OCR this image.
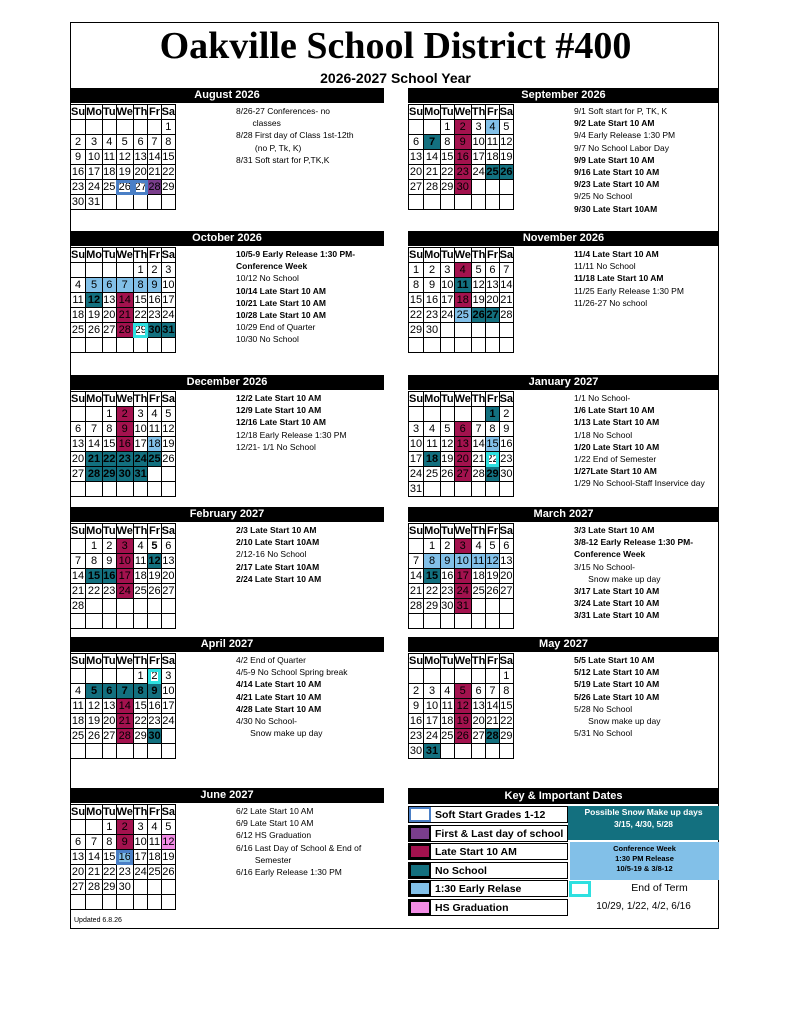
Oakville School District #400
2026-2027 School Year
August 2026
Su	Mo	Tu	We	Th	Fr	Sa
						1
2	3	4	5	6	7	8
9	10	11	12	13	14	15
16	17	18	19	20	21	22
23	24	25	26	27	28	29
30	31					
8/26-27 Conferences- no
classes
8/28 First day of Class 1st-12th
(no P, Tk, K)
8/31 Soft start for P,TK,K
September 2026
Su	Mo	Tu	We	Th	Fr	Sa
		1	2	3	4	5
6	7	8	9	10	11	12
13	14	15	16	17	18	19
20	21	22	23	24	25	26
27	28	29	30			

9/1 Soft start for P, TK, K
9/2 Late Start 10 AM
9/4 Early Release 1:30 PM
9/7 No School Labor Day
9/9 Late Start 10 AM
9/16 Late Start 10 AM
9/23 Late Start 10 AM
9/25 No School
9/30 Late Start 10AM
October 2026
Su	Mo	Tu	We	Th	Fr	Sa
				1	2	3
4	5	6	7	8	9	10
11	12	13	14	15	16	17
18	19	20	21	22	23	24
25	26	27	28	29	30	31

10/5-9 Early Release 1:30 PM-
Conference Week
10/12 No School
10/14 Late Start 10 AM
10/21 Late Start 10 AM
10/28 Late Start 10 AM
10/29 End of Quarter
10/30 No School
November 2026
Su	Mo	Tu	We	Th	Fr	Sa
1	2	3	4	5	6	7
8	9	10	11	12	13	14
15	16	17	18	19	20	21
22	23	24	25	26	27	28
29	30					

11/4 Late Start 10 AM
11/11 No School
11/18 Late Start 10 AM
11/25 Early Release 1:30 PM
11/26-27 No school
December 2026
Su	Mo	Tu	We	Th	Fr	Sa
		1	2	3	4	5
6	7	8	9	10	11	12
13	14	15	16	17	18	19
20	21	22	23	24	25	26
27	28	29	30	31		

12/2 Late Start 10 AM
12/9 Late Start 10 AM
12/16 Late Start 10 AM
12/18 Early Release 1:30 PM
12/21- 1/1 No School
January 2027
Su	Mo	Tu	We	Th	Fr	Sa
					1	2
3	4	5	6	7	8	9
10	11	12	13	14	15	16
17	18	19	20	21	22	23
24	25	26	27	28	29	30
31						
1/1 No School-
1/6 Late Start 10 AM
1/13 Late Start 10 AM
1/18 No School
1/20 Late Start 10 AM
1/22 End of Semester
1/27Late Start 10 AM
1/29 No School-Staff Inservice day
February 2027
Su	Mo	Tu	We	Th	Fr	Sa
	1	2	3	4	5	6
7	8	9	10	11	12	13
14	15	16	17	18	19	20
21	22	23	24	25	26	27
28						

2/3 Late Start 10 AM
2/10 Late Start 10AM
2/12-16 No School
2/17 Late Start 10AM
2/24 Late Start 10 AM
March 2027
Su	Mo	Tu	We	Th	Fr	Sa
	1	2	3	4	5	6
7	8	9	10	11	12	13
14	15	16	17	18	19	20
21	22	23	24	25	26	27
28	29	30	31			

3/3 Late Start 10 AM
3/8-12 Early Release 1:30 PM-
Conference Week
3/15 No School-
Snow make up day
3/17 Late Start 10 AM
3/24 Late Start 10 AM
3/31 Late Start 10 AM
April 2027
Su	Mo	Tu	We	Th	Fr	Sa
				1	2	3
4	5	6	7	8	9	10
11	12	13	14	15	16	17
18	19	20	21	22	23	24
25	26	27	28	29	30	

4/2 End of Quarter
4/5-9 No School Spring break
4/14 Late Start 10 AM
4/21 Late Start 10 AM
4/28 Late Start 10 AM
4/30 No School-
Snow make up day
May 2027
Su	Mo	Tu	We	Th	Fr	Sa
						1
2	3	4	5	6	7	8
9	10	11	12	13	14	15
16	17	18	19	20	21	22
23	24	25	26	27	28	29
30	31					
5/5 Late Start 10 AM
5/12 Late Start 10 AM
5/19 Late Start 10 AM
5/26 Late Start 10 AM
5/28 No School
Snow make up day
5/31 No School
June 2027
Su	Mo	Tu	We	Th	Fr	Sa
		1	2	3	4	5
6	7	8	9	10	11	12
13	14	15	16	17	18	19
20	21	22	23	24	25	26
27	28	29	30			

6/2 Late Start 10 AM
6/9 Late Start 10 AM
6/12 HS Graduation
6/16 Last Day of School & End of
Semester
6/16 Early Release 1:30 PM
Key & Important Dates
Soft Start Grades 1-12
First & Last day of school
Late Start 10 AM
No School
1:30 Early Relase
HS Graduation
Possible Snow Make up days
3/15, 4/30, 5/28
Conference Week
1:30 PM Release
10/5-19 & 3/8-12
End of Term
10/29, 1/22, 4/2, 6/16
Updated 6.8.26
